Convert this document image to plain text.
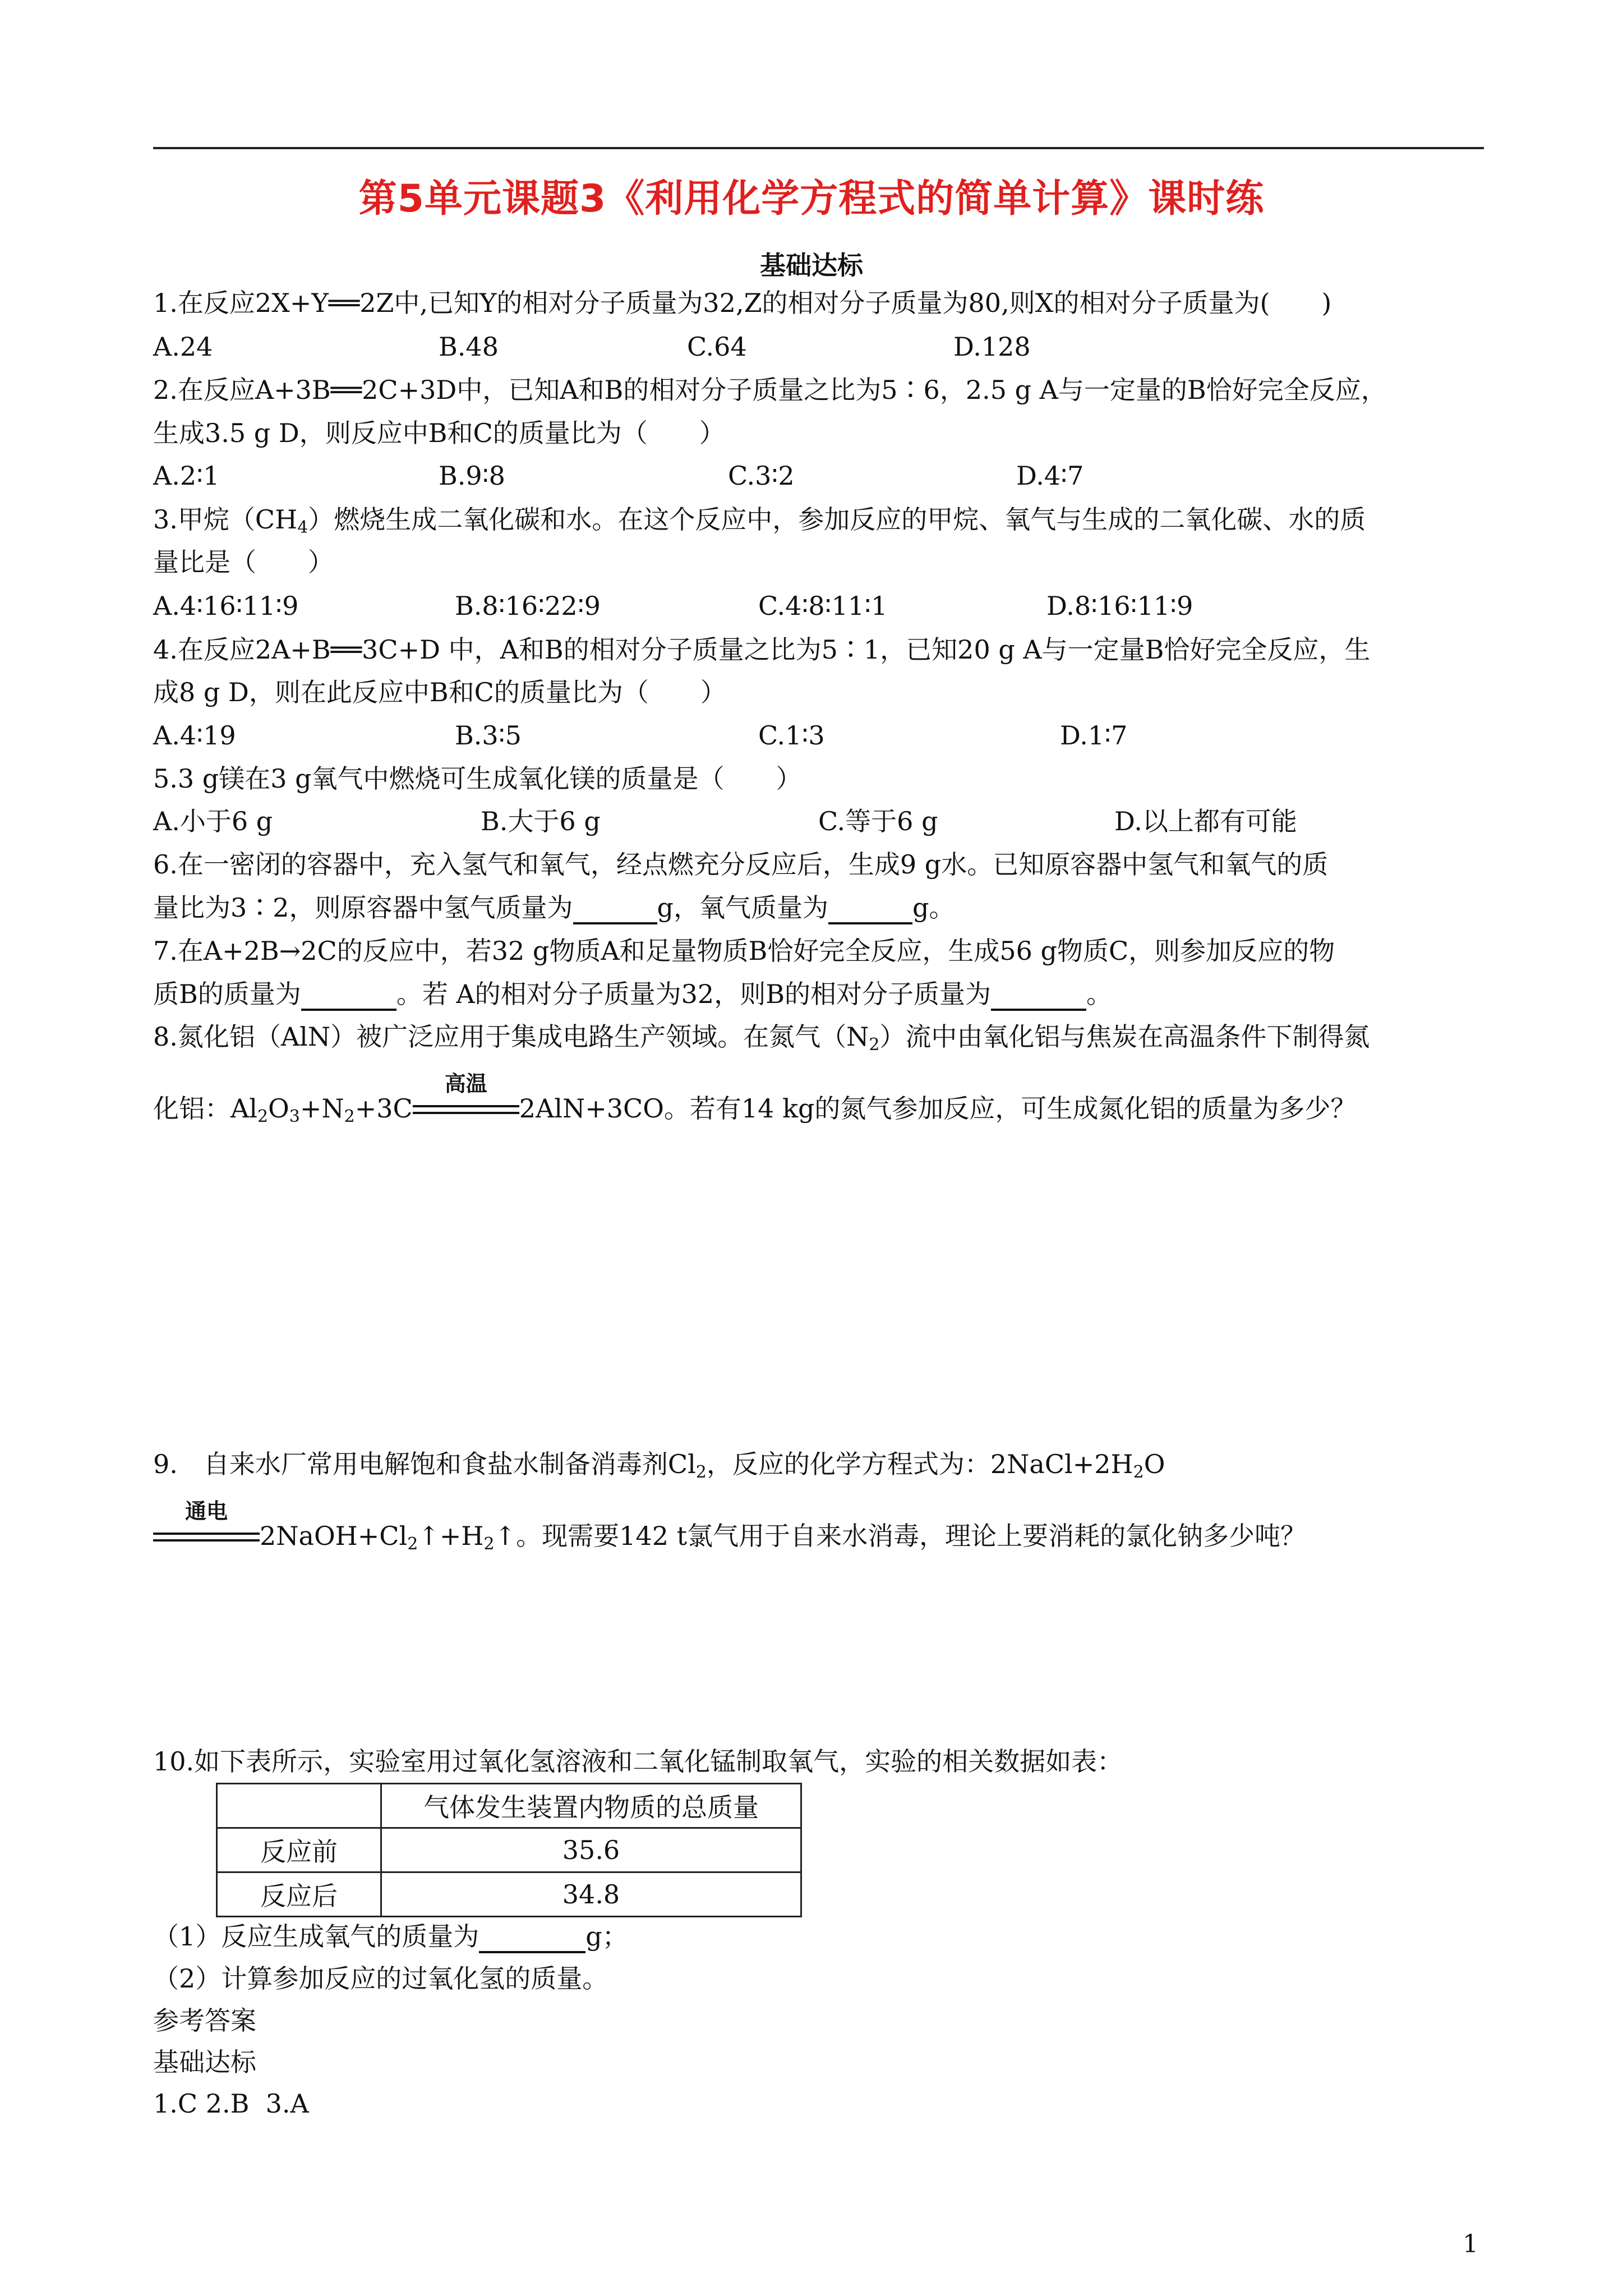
第5单元课题3《利用化学方程式的简单计算》课时练
基础达标
1.在反应2X+Y══2Z中,已知Y的相对分子质量为32,Z的相对分子质量为80,则X的相对分子质量为(　　)
A.24	B.48	C.64	D.128
2.在反应A+3B══2C+3D中，已知A和B的相对分子质量之比为5∶6，2.5 g A与一定量的B恰好完全反应，
生成3.5 g D，则反应中B和C的质量比为（　　）
A.2∶1	B.9∶8	C.3∶2	D.4∶7
3.甲烷$(CH_4)$燃烧生成二氧化碳和水。在这个反应中，参加反应的甲烷、氧气与生成的二氧化碳、水的质
量比是（　　）
A.4∶16∶11∶9	B.8∶16∶22∶9	C.4∶8∶11∶1	D.8∶16∶11∶9
4.在反应2A+B══3C+D 中，A和B的相对分子质量之比为5∶1，已知20 g A与一定量B恰好完全反应，生
成8 g D，则在此反应中B和C的质量比为（　　）
A.4∶19	B.3∶5	C.1∶3	D.1∶7
5.3 g镁在3 g氧气中燃烧可生成氧化镁的质量是（　　）
A.小于6 g	B.大于6 g	C.等于6 g	D.以上都有可能
6.在一密闭的容器中，充入氢气和氧气，经点燃充分反应后，生成9 g水。已知原容器中氢气和氧气的质
量比为3∶2，则原容器中氢气质量为	g，氧气质量为	g。
7.在A+2B→2C的反应中，若32 g物质A和足量物质B恰好完全反应，生成56 g物质C，则参加反应的物
质B的质量为	。若 A的相对分子质量为32，则B的相对分子质量为	。
8.氮化铝（AlN）被广泛应用于集成电路生产领域。在氮气$(N_2)$流中由氧化铝与焦炭在高温条件下制得氮
化铝：$Al_2O_3+N_2+3C$
高温
2AlN+3CO。若有14 kg的氮气参加反应，可生成氮化铝的质量为多少？
9.　自来水厂常用电解饱和食盐水制备消毒剂$Cl_2$，反应的化学方程式为：$2NaCl+2H_2O$
通电
$2NaOH+Cl_2↑+H_2↑$。现需要142 t氯气用于自来水消毒，理论上要消耗的氯化钠多少吨？
10.如下表所示，实验室用过氧化氢溶液和二氧化锰制取氧气，实验的相关数据如表：
	气体发生装置内物质的总质量
反应前	35.6
反应后	34.8
（1）反应生成氧气的质量为	g；
（2）计算参加反应的过氧化氢的质量。
参考答案
基础达标
1.C 2.B  3.A
1
